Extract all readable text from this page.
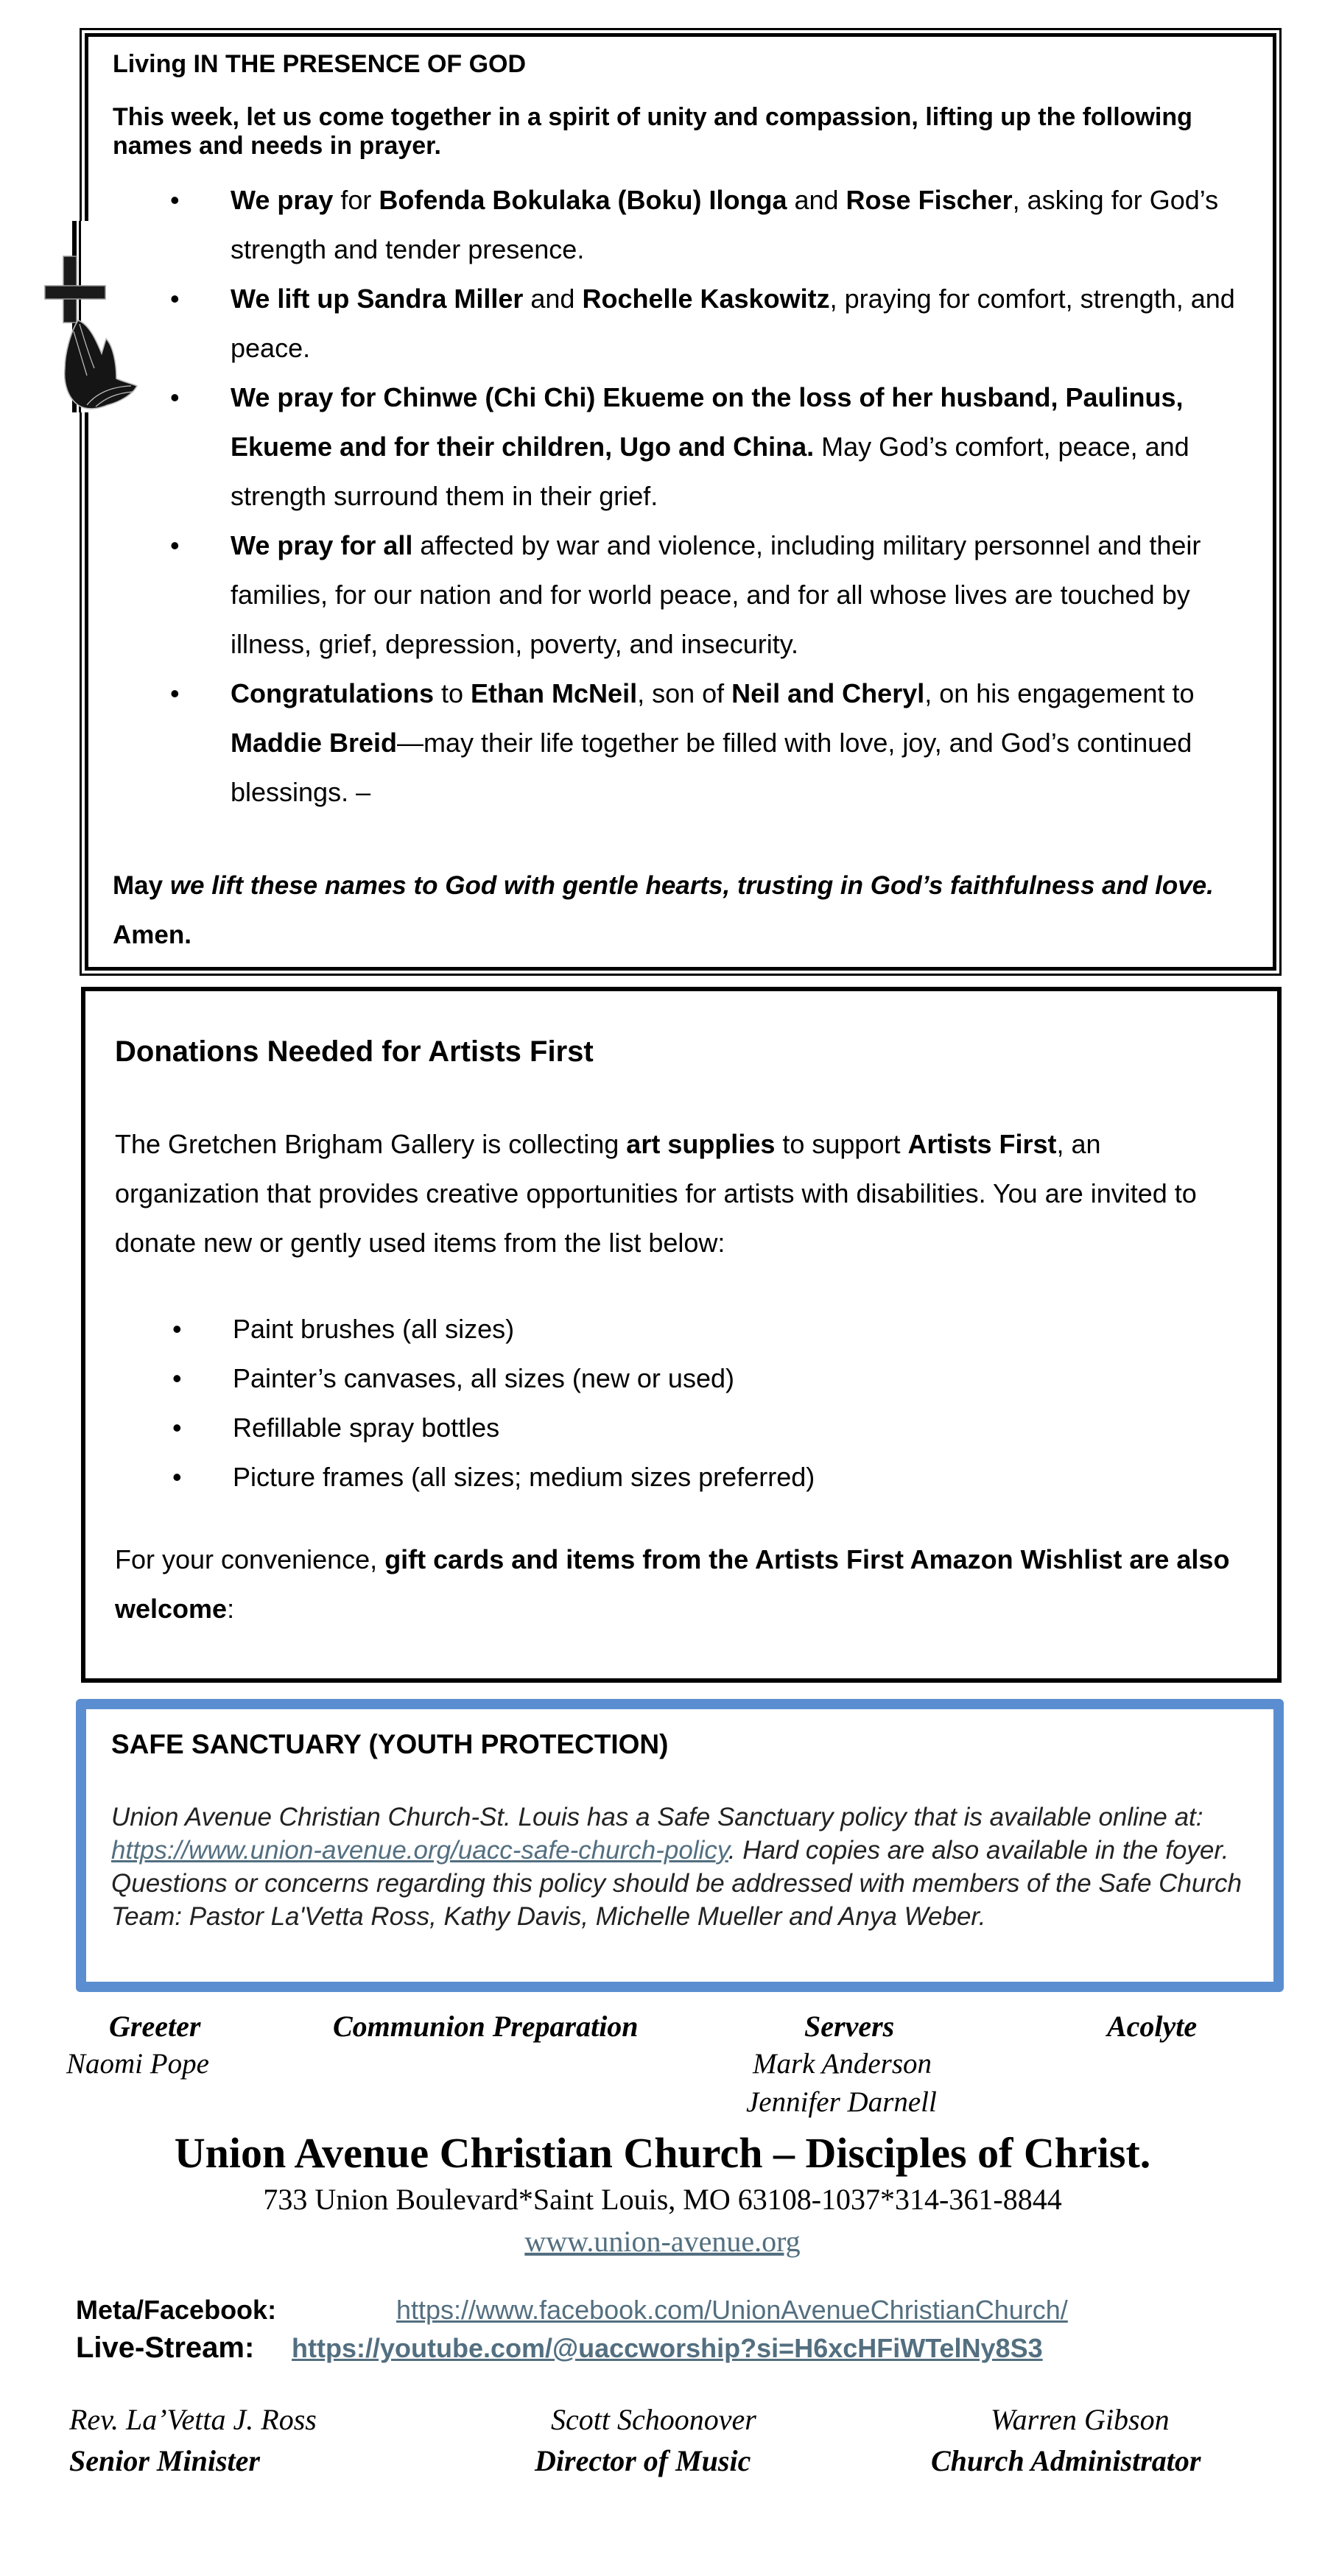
Living IN THE PRESENCE OF GOD

This week, let us come together in a spirit of unity and compassion, lifting up the following names and needs in prayer.

• We pray for Bofenda Bokulaka (Boku) Ilonga and Rose Fischer, asking for God’s strength and tender presence.
• We lift up Sandra Miller and Rochelle Kaskowitz, praying for comfort, strength, and peace.
• We pray for Chinwe (Chi Chi) Ekueme on the loss of her husband, Paulinus, Ekueme and for their children, Ugo and China. May God’s comfort, peace, and strength surround them in their grief.
• We pray for all affected by war and violence, including military personnel and their families, for our nation and for world peace, and for all whose lives are touched by illness, grief, depression, poverty, and insecurity.
• Congratulations to Ethan McNeil, son of Neil and Cheryl, on his engagement to Maddie Breid—may their life together be filled with love, joy, and God’s continued blessings. –

May we lift these names to God with gentle hearts, trusting in God’s faithfulness and love. Amen.

Donations Needed for Artists First

The Gretchen Brigham Gallery is collecting art supplies to support Artists First, an organization that provides creative opportunities for artists with disabilities. You are invited to donate new or gently used items from the list below:

• Paint brushes (all sizes)
• Painter’s canvases, all sizes (new or used)
• Refillable spray bottles
• Picture frames (all sizes; medium sizes preferred)

For your convenience, gift cards and items from the Artists First Amazon Wishlist are also welcome:

SAFE SANCTUARY (YOUTH PROTECTION)

Union Avenue Christian Church-St. Louis has a Safe Sanctuary policy that is available online at: https://www.union-avenue.org/uacc-safe-church-policy. Hard copies are also available in the foyer. Questions or concerns regarding this policy should be addressed with members of the Safe Church
Team: Pastor La'Vetta Ross, Kathy Davis, Michelle Mueller and Anya Weber.

Greeter
Naomi Pope
Communion Preparation	Servers
Mark Anderson
Jennifer Darnell
Acolyte
Union Avenue Christian Church – Disciples of Christ.
733 Union Boulevard*Saint Louis, MO 63108-1037*314-361-8844
www.union-avenue.org
Meta/Facebook:	https://www.facebook.com/UnionAvenueChristianChurch/
Live-Stream: https://youtube.com/@uaccworship?si=H6xcHFiWTelNy8S3
Rev. La’Vetta J. Ross
Senior Minister
Scott Schoonover
Director of Music
Warren Gibson
Church Administrator
